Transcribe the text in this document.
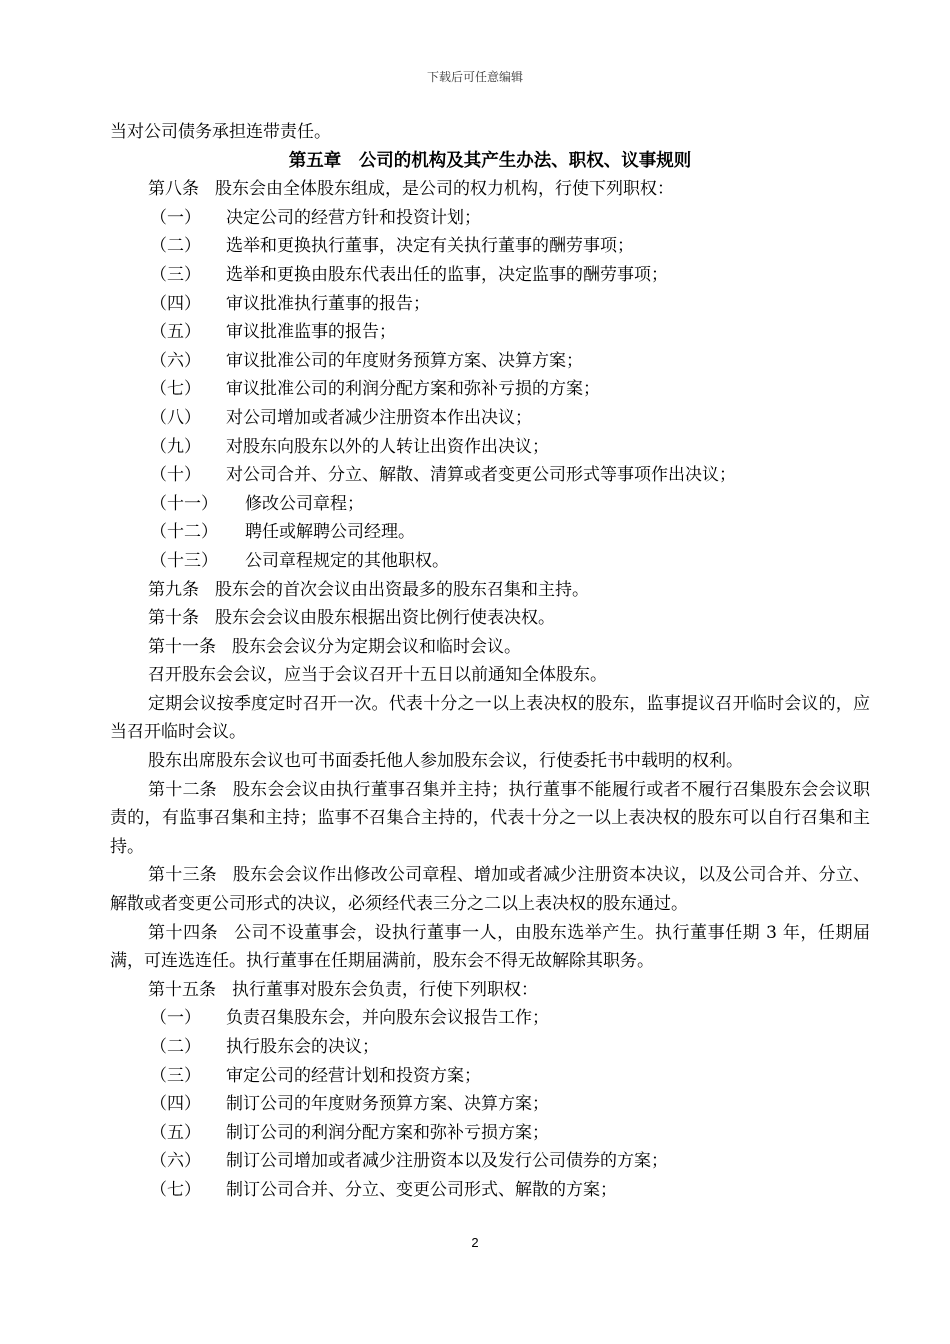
下载后可任意编辑

当对公司债务承担连带责任。

第五章　公司的机构及其产生办法、职权、议事规则

第八条 股东会由全体股东组成，是公司的权力机构，行使下列职权：

（一）	决定公司的经营方针和投资计划；
（二）	选举和更换执行董事，决定有关执行董事的酬劳事项；
（三）	选举和更换由股东代表出任的监事，决定监事的酬劳事项；
（四）	审议批准执行董事的报告；
（五）	审议批准监事的报告；
（六）	审议批准公司的年度财务预算方案、决算方案；
（七）	审议批准公司的利润分配方案和弥补亏损的方案；
（八）	对公司增加或者减少注册资本作出决议；
（九）	对股东向股东以外的人转让出资作出决议；
（十）	对公司合并、分立、解散、清算或者变更公司形式等事项作出决议；
（十一）	修改公司章程；
（十二）	聘任或解聘公司经理。
（十三）	公司章程规定的其他职权。

第九条 股东会的首次会议由出资最多的股东召集和主持。

第十条 股东会会议由股东根据出资比例行使表决权。

第十一条 股东会会议分为定期会议和临时会议。

召开股东会会议，应当于会议召开十五日以前通知全体股东。

定期会议按季度定时召开一次。代表十分之一以上表决权的股东，监事提议召开临时会议的，应当召开临时会议。

股东出席股东会议也可书面委托他人参加股东会议，行使委托书中载明的权利。

第十二条 股东会会议由执行董事召集并主持；执行董事不能履行或者不履行召集股东会会议职责的，有监事召集和主持；监事不召集合主持的，代表十分之一以上表决权的股东可以自行召集和主持。

第十三条 股东会会议作出修改公司章程、增加或者减少注册资本决议，以及公司合并、分立、解散或者变更公司形式的决议，必须经代表三分之二以上表决权的股东通过。

第十四条 公司不设董事会，设执行董事一人，由股东选举产生。执行董事任期 3 年，任期届满，可连选连任。执行董事在任期届满前，股东会不得无故解除其职务。

第十五条 执行董事对股东会负责，行使下列职权：

（一）	负责召集股东会，并向股东会议报告工作；
（二）	执行股东会的决议；
（三）	审定公司的经营计划和投资方案；
（四）	制订公司的年度财务预算方案、决算方案；
（五）	制订公司的利润分配方案和弥补亏损方案；
（六）	制订公司增加或者减少注册资本以及发行公司债券的方案；
（七）	制订公司合并、分立、变更公司形式、解散的方案；
2
